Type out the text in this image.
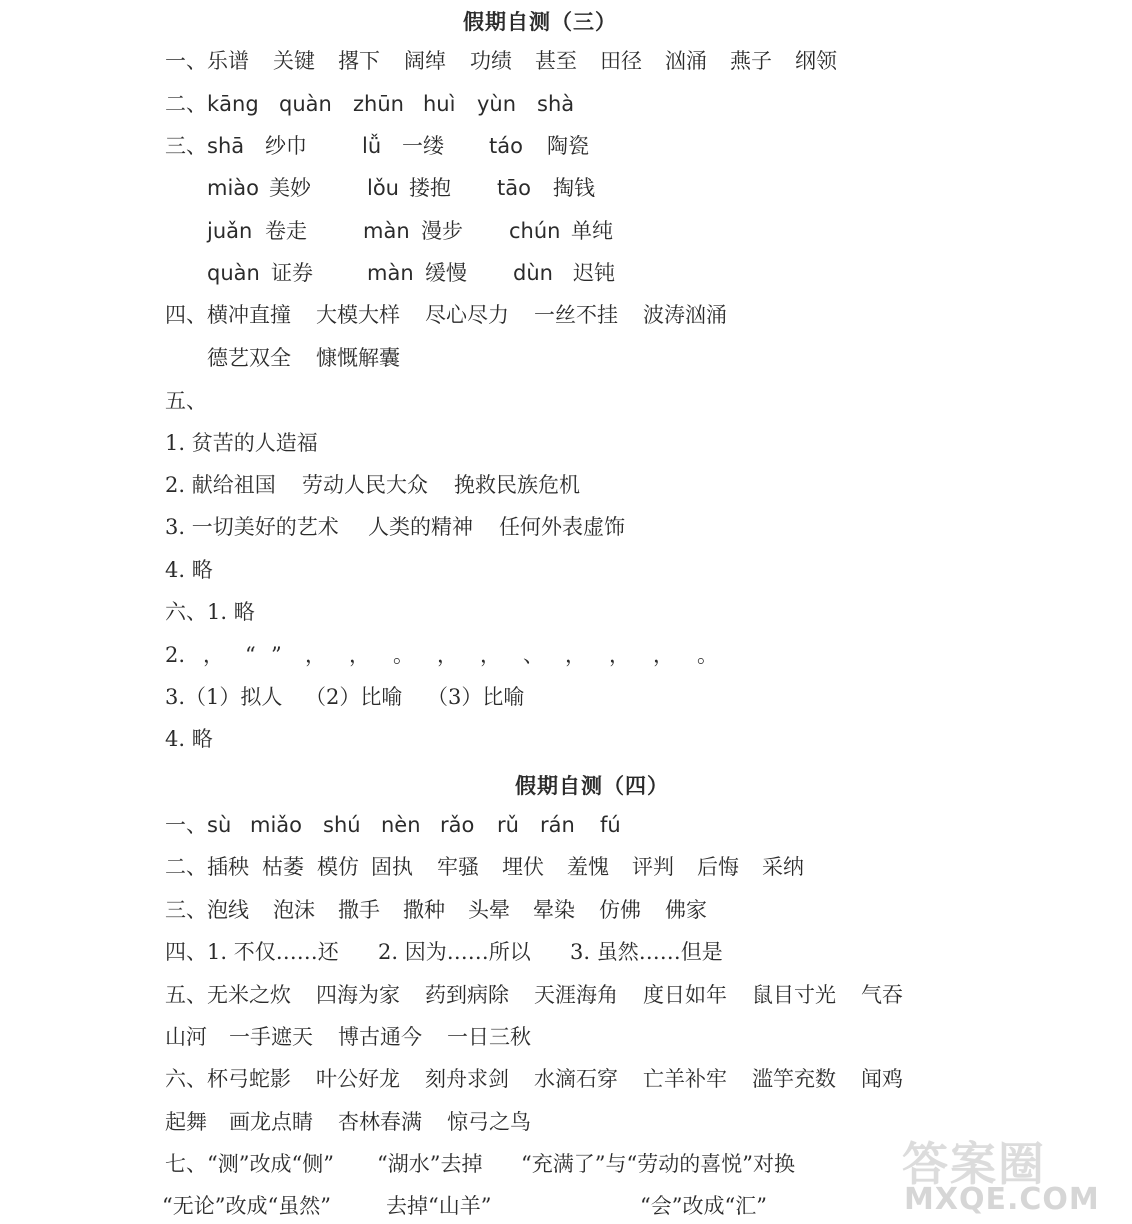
假期自测（三）
一、乐谱 关键 撂下 阔绰 功绩 甚至 田径 汹涌 燕子 纲领
二、kāng quàn zhūn huì yùn shà
三、shā 纱巾	lǚ 一缕 táo 陶瓷
miào 美妙	lǒu 搂抱 tāo 掏钱
juǎn 卷走	màn 漫步 chún 单纯
quàn 证券	màn 缓慢 dùn 迟钝
四、横冲直撞 大模大样 尽心尽力 一丝不挂 波涛汹涌
德艺双全 慷慨解囊
五、
1. 贫苦的人造福
2. 献给祖国 劳动人民大众 挽救民族危机
3. 一切美好的艺术 人类的精神 任何外表虚饰
4. 略
六、1. 略
2. ， “ ” ， ， 。 ， ， 、 ， ， ， 。
3.（1）拟人 （2）比喻 （3）比喻
4. 略
假期自测（四）
一、sù miǎo shú nèn rǎo rǔ rán fú
二、插秧 枯萎 模仿 固执 牢骚 埋伏 羞愧 评判 后悔 采纳
三、泡线 泡沫 撒手 撒种 头晕 晕染 仿佛 佛家
四、1. 不仅……还 2. 因为……所以 3. 虽然……但是
五、无米之炊 四海为家 药到病除 天涯海角 度日如年 鼠目寸光 气吞
山河 一手遮天 博古通今 一日三秋
六、杯弓蛇影 叶公好龙 刻舟求剑 水滴石穿 亡羊补牢 滥竽充数 闻鸡
起舞 画龙点睛 杏林春满 惊弓之鸟
七、“测”改成“侧” “湖水”去掉 “充满了”与“劳动的喜悦”对换
“无论”改成“虽然”	去掉“山羊”	“会”改成“汇”
答案圈
MXQE.COM
